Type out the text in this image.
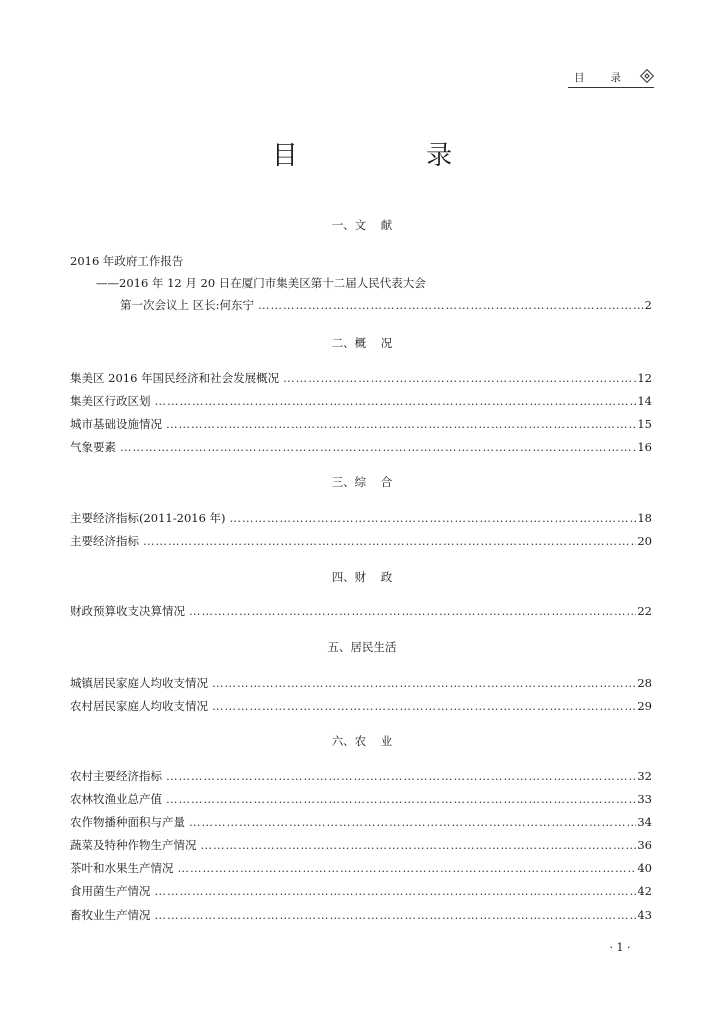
目录
目 录
一、文    献
2016 年政府工作报告
——2016 年 12 月 20 日在厦门市集美区第十二届人民代表大会
第一次会议上 区长:何东宁 ………………………………………………………………………………………………………………………………………………………………………………………………	2
二、概    况
集美区 2016 年国民经济和社会发展概况 ………………………………………………………………………………………………………………………………………………………………………………………………	12
集美区行政区划 ………………………………………………………………………………………………………………………………………………………………………………………………	14
城市基础设施情况 ………………………………………………………………………………………………………………………………………………………………………………………………	15
气象要素 ………………………………………………………………………………………………………………………………………………………………………………………………	16
三、综    合
主要经济指标(2011-2016 年) ………………………………………………………………………………………………………………………………………………………………………………………………	18
主要经济指标 ………………………………………………………………………………………………………………………………………………………………………………………………	20
四、财    政
财政预算收支决算情况 ………………………………………………………………………………………………………………………………………………………………………………………………	22
五、居民生活
城镇居民家庭人均收支情况 ………………………………………………………………………………………………………………………………………………………………………………………………	28
农村居民家庭人均收支情况 ………………………………………………………………………………………………………………………………………………………………………………………………	29
六、农    业
农村主要经济指标 ………………………………………………………………………………………………………………………………………………………………………………………………	32
农林牧渔业总产值 ………………………………………………………………………………………………………………………………………………………………………………………………	33
农作物播种面积与产量 ………………………………………………………………………………………………………………………………………………………………………………………………	34
蔬菜及特种作物生产情况 ………………………………………………………………………………………………………………………………………………………………………………………………	36
茶叶和水果生产情况 ………………………………………………………………………………………………………………………………………………………………………………………………	40
食用菌生产情况 ………………………………………………………………………………………………………………………………………………………………………………………………	42
畜牧业生产情况 ………………………………………………………………………………………………………………………………………………………………………………………………	43
· 1 ·
